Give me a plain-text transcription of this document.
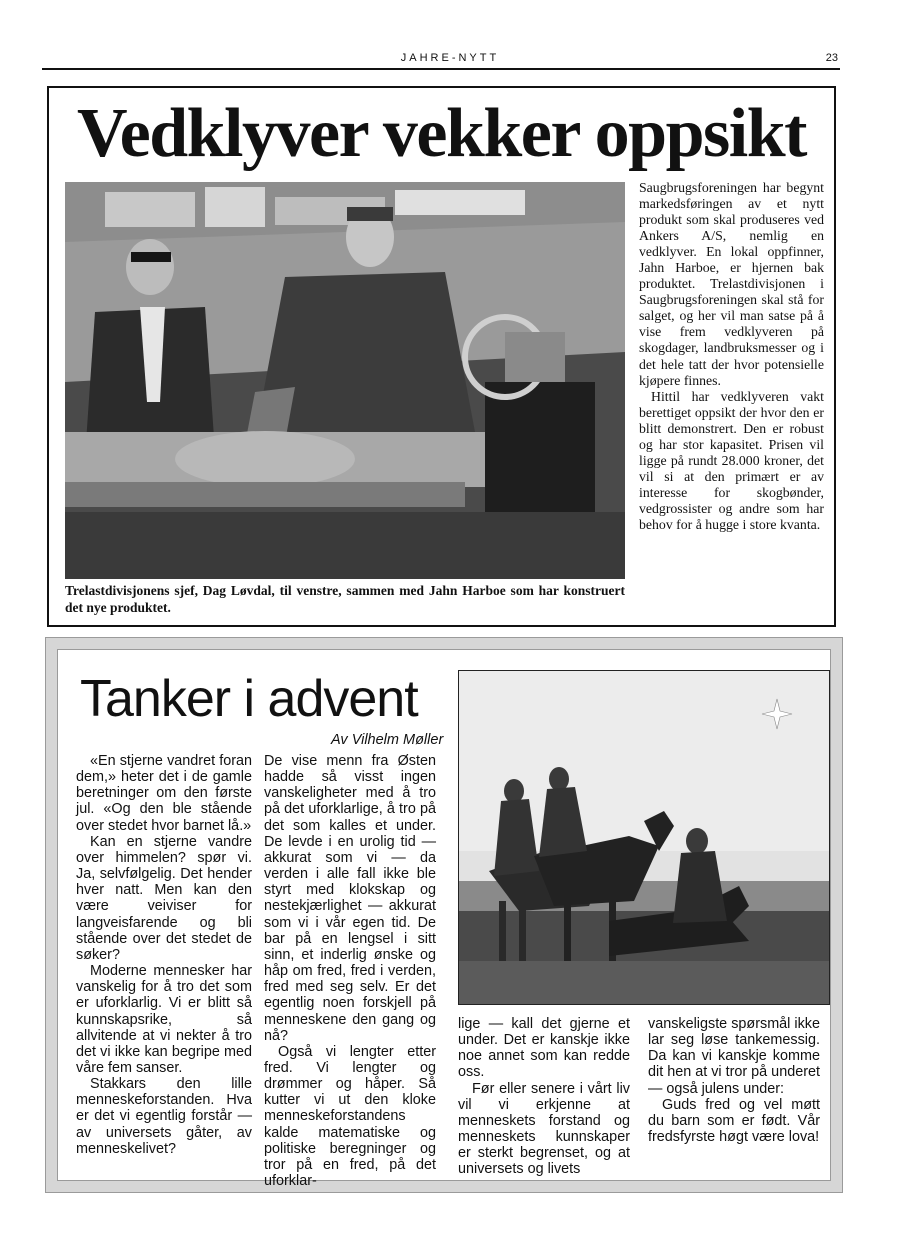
JAHRE-NYTT	23
Vedklyver vekker oppsikt
Trelastdivisjonens sjef, Dag Løvdal, til venstre, sammen med Jahn Harboe som har konstruert det nye produktet.

Saugbrugsforeningen har begynt markedsføringen av et nytt produkt som skal produseres ved Ankers A/S, nemlig en vedklyver. En lokal oppfinner, Jahn Harboe, er hjernen bak produktet. Trelastdivisjonen i Saugbrugsforeningen skal stå for salget, og her vil man satse på å vise frem vedklyveren på skogdager, landbruksmesser og i det hele tatt der hvor potensielle kjøpere finnes.

Hittil har vedklyveren vakt berettiget oppsikt der hvor den er blitt demonstrert. Den er robust og har stor kapasitet. Prisen vil ligge på rundt 28.000 kroner, det vil si at den primært er av interesse for skogbønder, vedgrossister og andre som har behov for å hugge i store kvanta.

Tanker i advent
Av Vilhelm Møller

«En stjerne vandret foran dem,» heter det i de gamle beretninger om den første jul. «Og den ble stående over stedet hvor barnet lå.»

Kan en stjerne vandre over himmelen? spør vi. Ja, selvfølgelig. Det hender hver natt. Men kan den være veiviser for langveisfarende og bli stående over det stedet de søker?

Moderne mennesker har vanskelig for å tro det som er uforklarlig. Vi er blitt så kunnskapsrike, så allvitende at vi nekter å tro det vi ikke kan begripe med våre fem sanser.

Stakkars den lille menneskeforstanden. Hva er det vi egentlig forstår — av universets gåter, av menneskelivet?

De vise menn fra Østen hadde så visst ingen vanskeligheter med å tro på det uforklarlige, å tro på det som kalles et under. De levde i en urolig tid — akkurat som vi — da verden i alle fall ikke ble styrt med klokskap og nestekjærlighet — akkurat som vi i vår egen tid. De bar på en lengsel i sitt sinn, et inderlig ønske og håp om fred, fred i verden, fred med seg selv. Er det egentlig noen forskjell på menneskene den gang og nå?

Også vi lengter etter fred. Vi lengter og drømmer og håper. Så kutter vi ut den kloke menneskeforstandens kalde matematiske og politiske beregninger og tror på en fred, på det uforklar-

lige — kall det gjerne et under. Det er kanskje ikke noe annet som kan redde oss.

Før eller senere i vårt liv vil vi erkjenne at menneskets forstand og menneskets kunnskaper er sterkt begrenset, og at universets og livets

vanskeligste spørsmål ikke lar seg løse tankemessig. Da kan vi kanskje komme dit hen at vi tror på underet — også julens under:

Guds fred og vel møtt du barn som er født. Vår fredsfyrste høgt være lova!
